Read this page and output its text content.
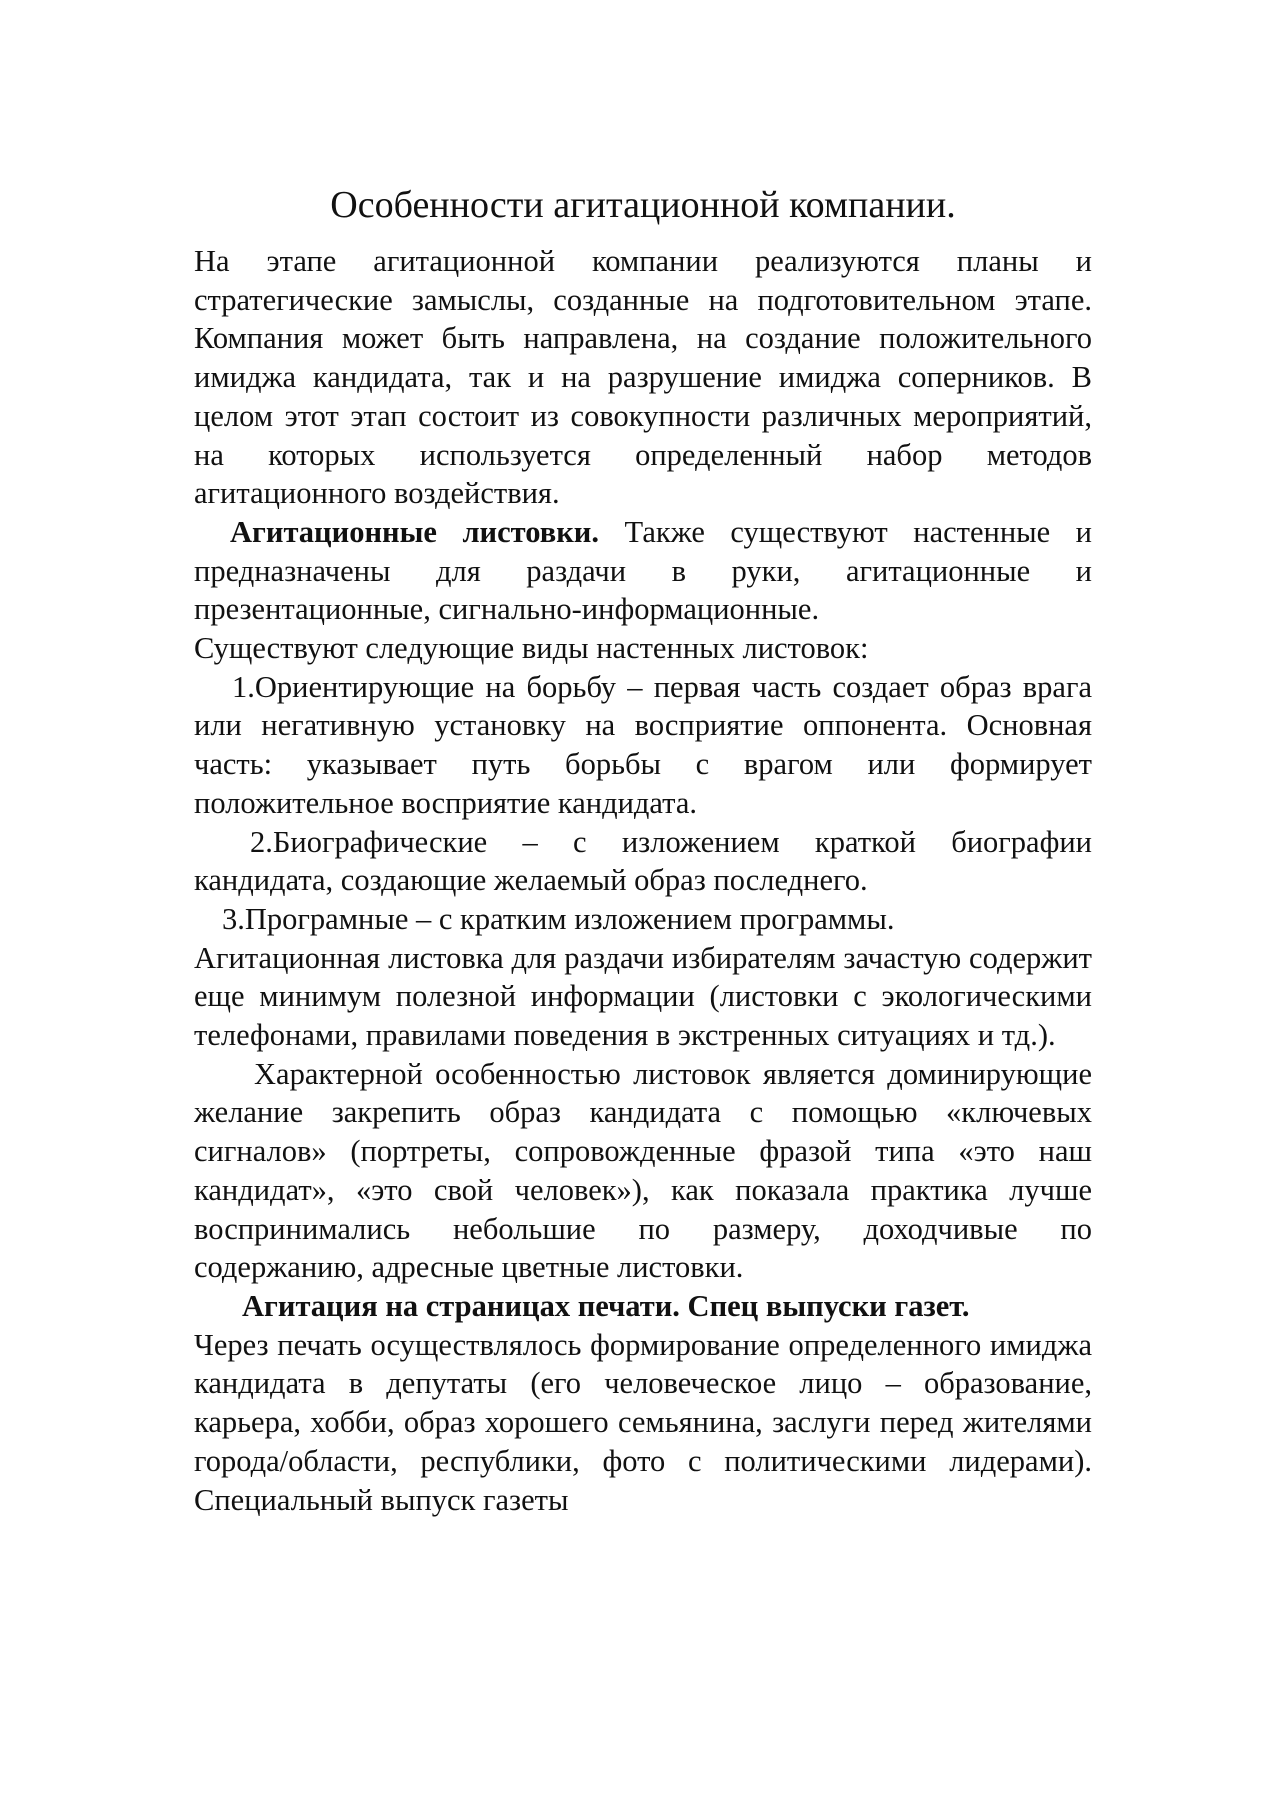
Особенности агитационной компании.

На этапе агитационной компании реализуются планы и стратегические замыслы, созданные на подготовительном этапе. Компания может быть направлена, на создание положительного имиджа кандидата, так и на разрушение имиджа соперников. В целом этот этап состоит из совокупности различных мероприятий, на которых используется определенный набор методов агитационного воздействия.

Агитационные листовки. Также существуют настенные и предназначены для раздачи в руки, агитационные и презентационные, сигнально-информационные.

Существуют следующие виды настенных листовок:

1.Ориентирующие на борьбу – первая часть создает образ врага или негативную установку на восприятие оппонента. Основная часть: указывает путь борьбы с врагом или формирует положительное восприятие кандидата.

2.Биографические – с изложением краткой биографии кандидата, создающие желаемый образ последнего.

3.Програмные – с кратким изложением программы.

Агитационная листовка для раздачи избирателям зачастую содержит еще минимум полезной информации (листовки с экологическими телефонами, правилами поведения в экстренных ситуациях и тд.).

Характерной особенностью листовок является доминирующие желание закрепить образ кандидата с помощью «ключевых сигналов» (портреты, сопровожденные фразой типа «это наш кандидат», «это свой человек»), как показала практика лучше воспринимались небольшие по размеру, доходчивые по содержанию, адресные цветные листовки.

Агитация на страницах печати. Спец выпуски газет.

Через печать осуществлялось формирование определенного имиджа кандидата в депутаты (его человеческое лицо – образование, карьера, хобби, образ хорошего семьянина, заслуги перед жителями города/области, республики, фото с политическими лидерами). Специальный выпуск газеты
